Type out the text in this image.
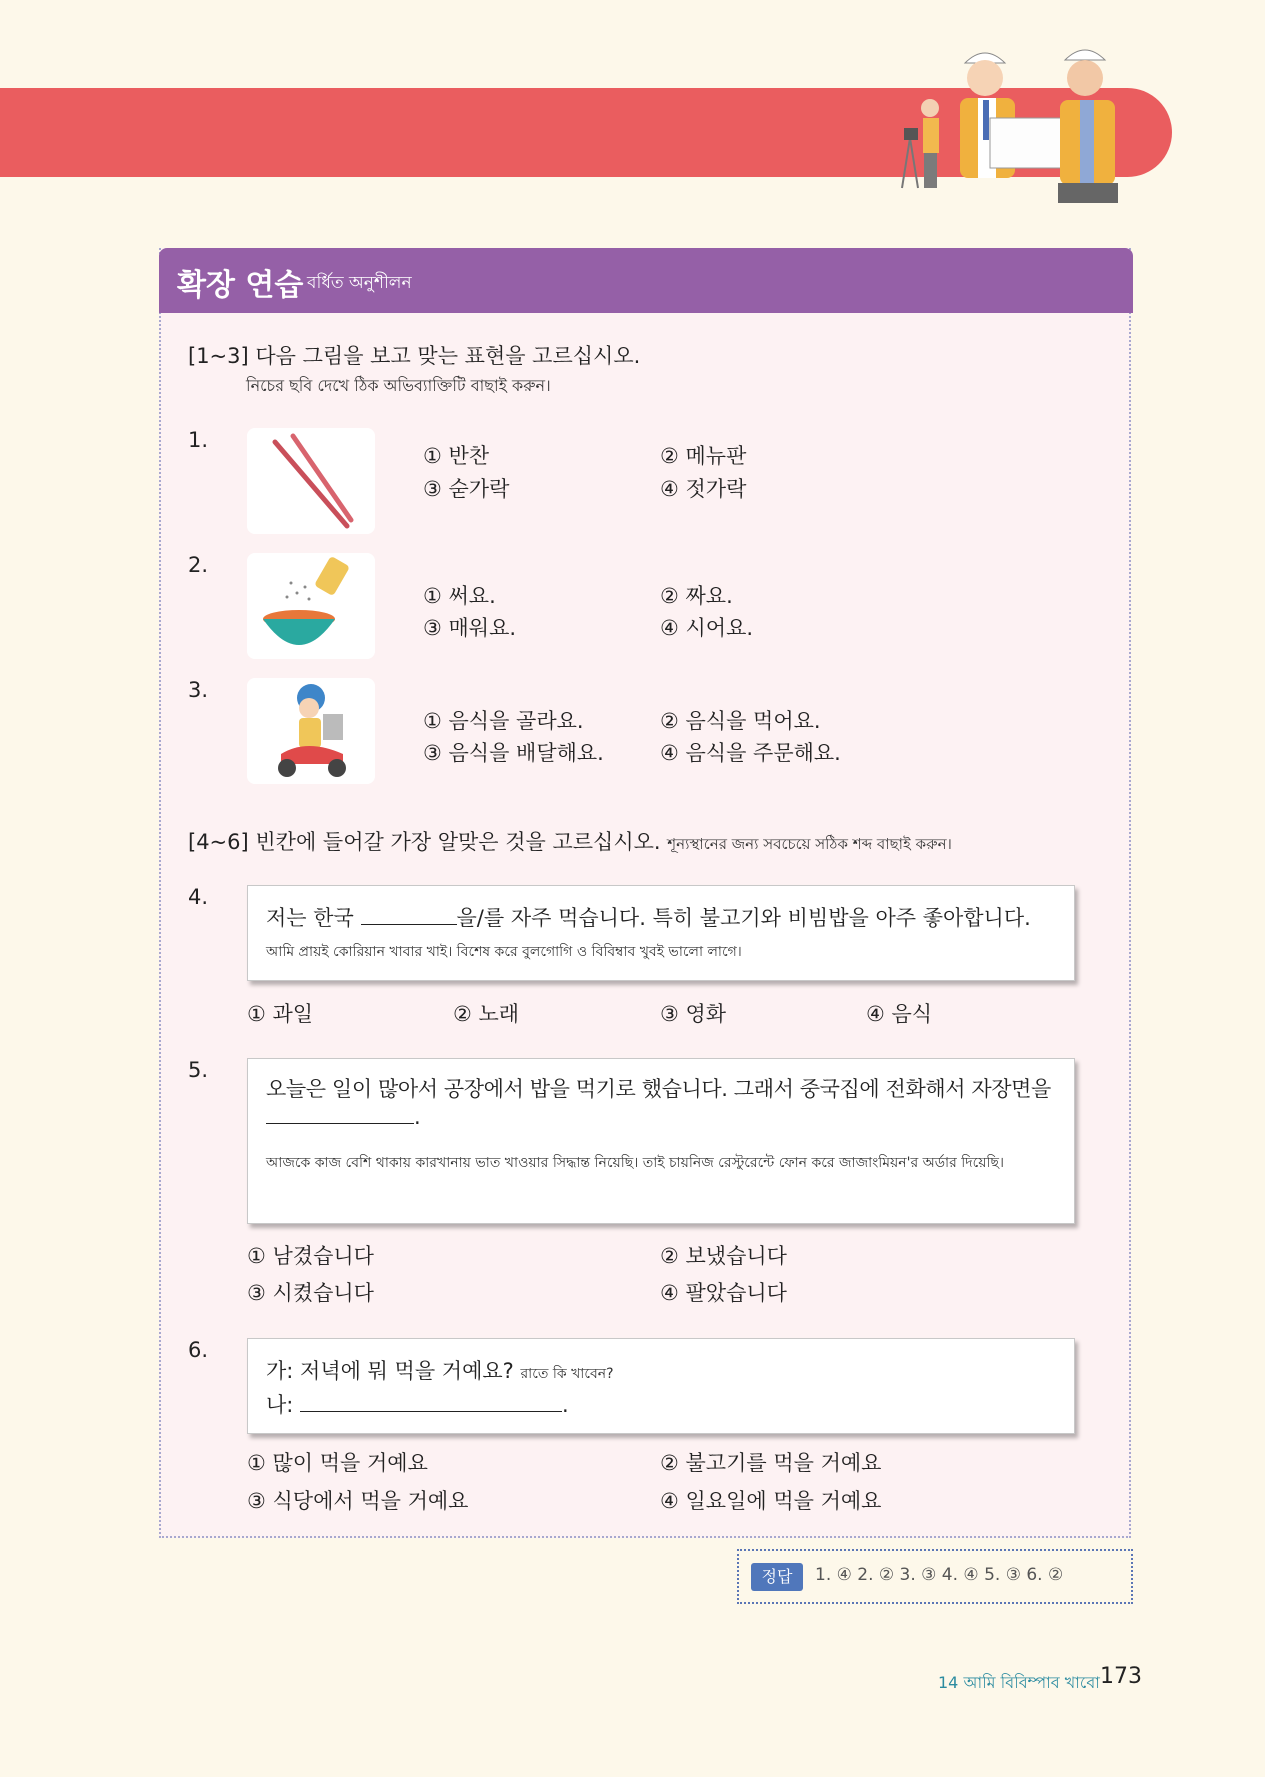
확장 연습 বর্ধিত অনুশীলন
[1~3] 다음 그림을 보고 맞는 표현을 고르십시오.
নিচের ছবি দেখে ঠিক অভিব্যাক্তিটি বাছাই করুন।
1.
① 반찬	② 메뉴판
③ 숟가락	④ 젓가락
2.
① 써요.	② 짜요.
③ 매워요.	④ 시어요.
3.
① 음식을 골라요.	② 음식을 먹어요.
③ 음식을 배달해요.	④ 음식을 주문해요.
[4~6] 빈칸에 들어갈 가장 알맞은 것을 고르십시오. শূন্যস্থানের জন্য সবচেয়ে সঠিক শব্দ বাছাই করুন।
4.
저는 한국	을/를 자주 먹습니다. 특히 불고기와 비빔밥을 아주 좋아합니다.
আমি প্রায়ই কোরিয়ান খাবার খাই। বিশেষ করে বুলগোগি ও বিবিম্বাব খুবই ভালো লাগে।
① 과일	② 노래	③ 영화	④ 음식
5.
오늘은 일이 많아서 공장에서 밥을 먹기로 했습니다. 그래서 중국집에 전화해서 자장면을
.
আজকে কাজ বেশি থাকায় কারখানায় ভাত খাওয়ার সিদ্ধান্ত নিয়েছি। তাই চায়নিজ রেস্টুরেন্টে ফোন করে জাজাংমিয়ন'র অর্ডার দিয়েছি।
① 남겼습니다	② 보냈습니다
③ 시켰습니다	④ 팔았습니다
6.
가: 저녁에 뭐 먹을 거예요? রাতে কি খাবেন?
나:	.
① 많이 먹을 거예요	② 불고기를 먹을 거예요
③ 식당에서 먹을 거예요	④ 일요일에 먹을 거예요
정답	1. ④ 2. ② 3. ③ 4. ④ 5. ③ 6. ②
14 আমি বিবিম্পাব খাবো 173
